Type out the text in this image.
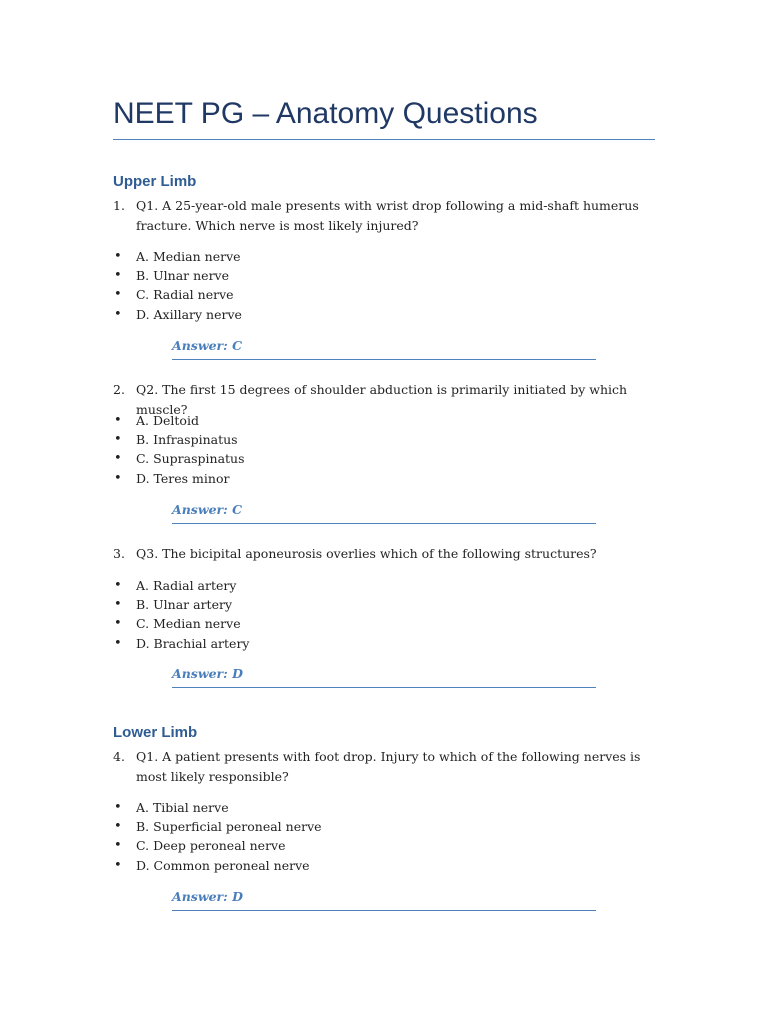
NEET PG – Anatomy Questions
Upper Limb
1. Q1. A 25-year-old male presents with wrist drop following a mid-shaft humerus fracture. Which nerve is most likely injured?
• A. Median nerve
• B. Ulnar nerve
• C. Radial nerve
• D. Axillary nerve
Answer: C
2. Q2. The first 15 degrees of shoulder abduction is primarily initiated by which muscle?
• A. Deltoid
• B. Infraspinatus
• C. Supraspinatus
• D. Teres minor
Answer: C
3. Q3. The bicipital aponeurosis overlies which of the following structures?
• A. Radial artery
• B. Ulnar artery
• C. Median nerve
• D. Brachial artery
Answer: D
Lower Limb
4. Q1. A patient presents with foot drop. Injury to which of the following nerves is most likely responsible?
• A. Tibial nerve
• B. Superficial peroneal nerve
• C. Deep peroneal nerve
• D. Common peroneal nerve
Answer: D
